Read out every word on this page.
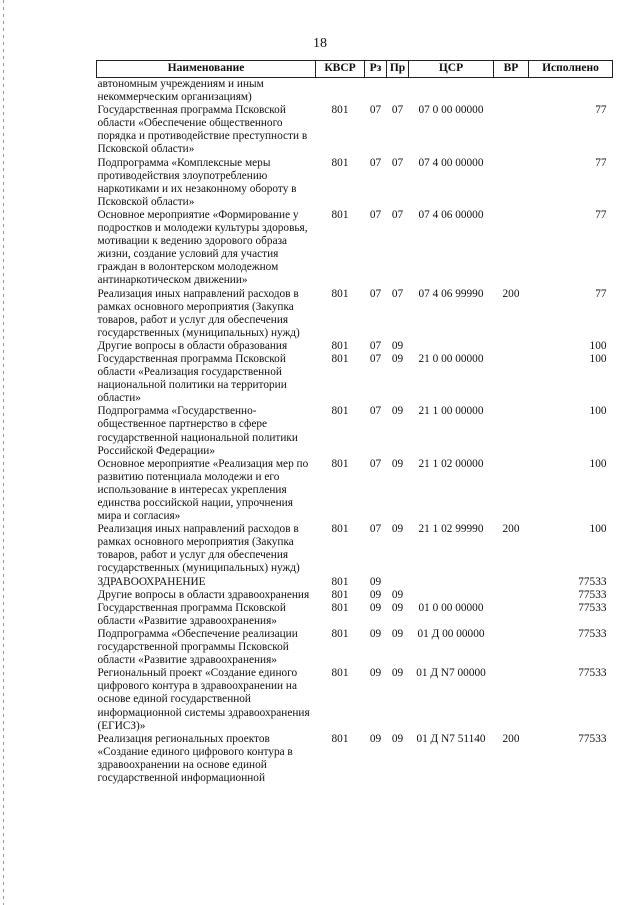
18
Наименование	КВСР	Рз	Пр	ЦСР	ВР	Исполнено
автономным учреждениям и иным некоммерческим организациям)						
Государственная программа Псковской области «Обеспечение общественного порядка и противодействие преступности в Псковской области»	801	07	07	07 0 00 00000		77
Подпрограмма «Комплексные меры противодействия злоупотреблению наркотиками и их незаконному обороту в Псковской области»	801	07	07	07 4 00 00000		77
Основное мероприятие «Формирование у подростков и молодежи культуры здоровья, мотивации к ведению здорового образа жизни, создание условий для участия граждан в волонтерском молодежном антинаркотическом движении»	801	07	07	07 4 06 00000		77
Реализация иных направлений расходов в рамках основного мероприятия (Закупка товаров, работ и услуг для обеспечения государственных (муниципальных) нужд)	801	07	07	07 4 06 99990	200	77
Другие вопросы в области образования	801	07	09			100
Государственная программа Псковской области «Реализация государственной национальной политики на территории области»	801	07	09	21 0 00 00000		100
Подпрограмма «Государственно-общественное партнерство в сфере государственной национальной политики Российской Федерации»	801	07	09	21 1 00 00000		100
Основное мероприятие «Реализация мер по развитию потенциала молодежи и его использование в интересах укрепления единства российской нации, упрочнения мира и согласия»	801	07	09	21 1 02 00000		100
Реализация иных направлений расходов в рамках основного мероприятия (Закупка товаров, работ и услуг для обеспечения государственных (муниципальных) нужд)	801	07	09	21 1 02 99990	200	100
ЗДРАВООХРАНЕНИЕ	801	09				77533
Другие вопросы в области здравоохранения	801	09	09			77533
Государственная программа Псковской области «Развитие здравоохранения»	801	09	09	01 0 00 00000		77533
Подпрограмма «Обеспечение реализации государственной программы Псковской области «Развитие здравоохранения»	801	09	09	01 Д 00 00000		77533
Региональный проект «Создание единого цифрового контура в здравоохранении на основе единой государственной информационной системы здравоохранения (ЕГИСЗ)»	801	09	09	01 Д N7 00000		77533
Реализация региональных проектов «Создание единого цифрового контура в здравоохранении на основе единой государственной информационной	801	09	09	01 Д N7 51140	200	77533
